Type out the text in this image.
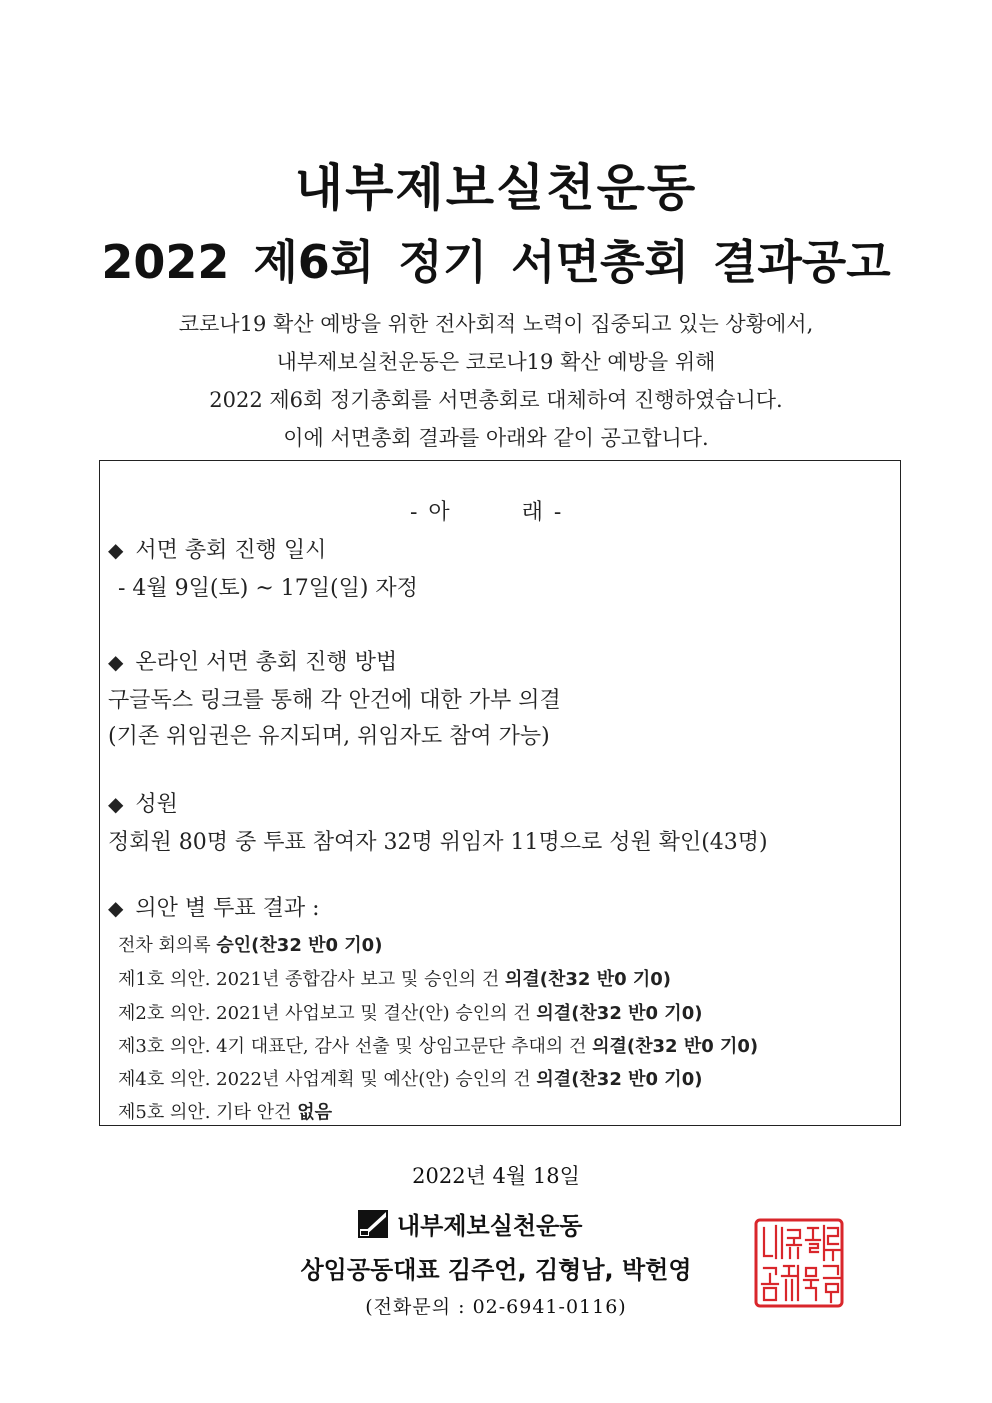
내부제보실천운동
2022 제6회 정기 서면총회 결과공고
코로나19 확산 예방을 위한 전사회적 노력이 집중되고 있는 상황에서,
내부제보실천운동은 코로나19 확산 예방을 위해
2022 제6회 정기총회를 서면총회로 대체하여 진행하였습니다.
이에 서면총회 결과를 아래와 같이 공고합니다.
- 아	래 -
◆ 서면 총회 진행 일시
- 4월 9일(토) ~ 17일(일) 자정
◆ 온라인 서면 총회 진행 방법
구글독스 링크를 통해 각 안건에 대한 가부 의결
(기존 위임권은 유지되며, 위임자도 참여 가능)
◆ 성원
정회원 80명 중 투표 참여자 32명 위임자 11명으로 성원 확인(43명)
◆ 의안 별 투표 결과 :
전차 회의록 승인(찬32 반0 기0)
제1호 의안. 2021년 종합감사 보고 및 승인의 건 의결(찬32 반0 기0)
제2호 의안. 2021년 사업보고 및 결산(안) 승인의 건 의결(찬32 반0 기0)
제3호 의안. 4기 대표단, 감사 선출 및 상임고문단 추대의 건 의결(찬32 반0 기0)
제4호 의안. 2022년 사업계획 및 예산(안) 승인의 건 의결(찬32 반0 기0)
제5호 의안. 기타 안건 없음
2022년 4월 18일
내부제보실천운동
상임공동대표 김주언, 김형남, 박헌영
(전화문의 : 02-6941-0116)
